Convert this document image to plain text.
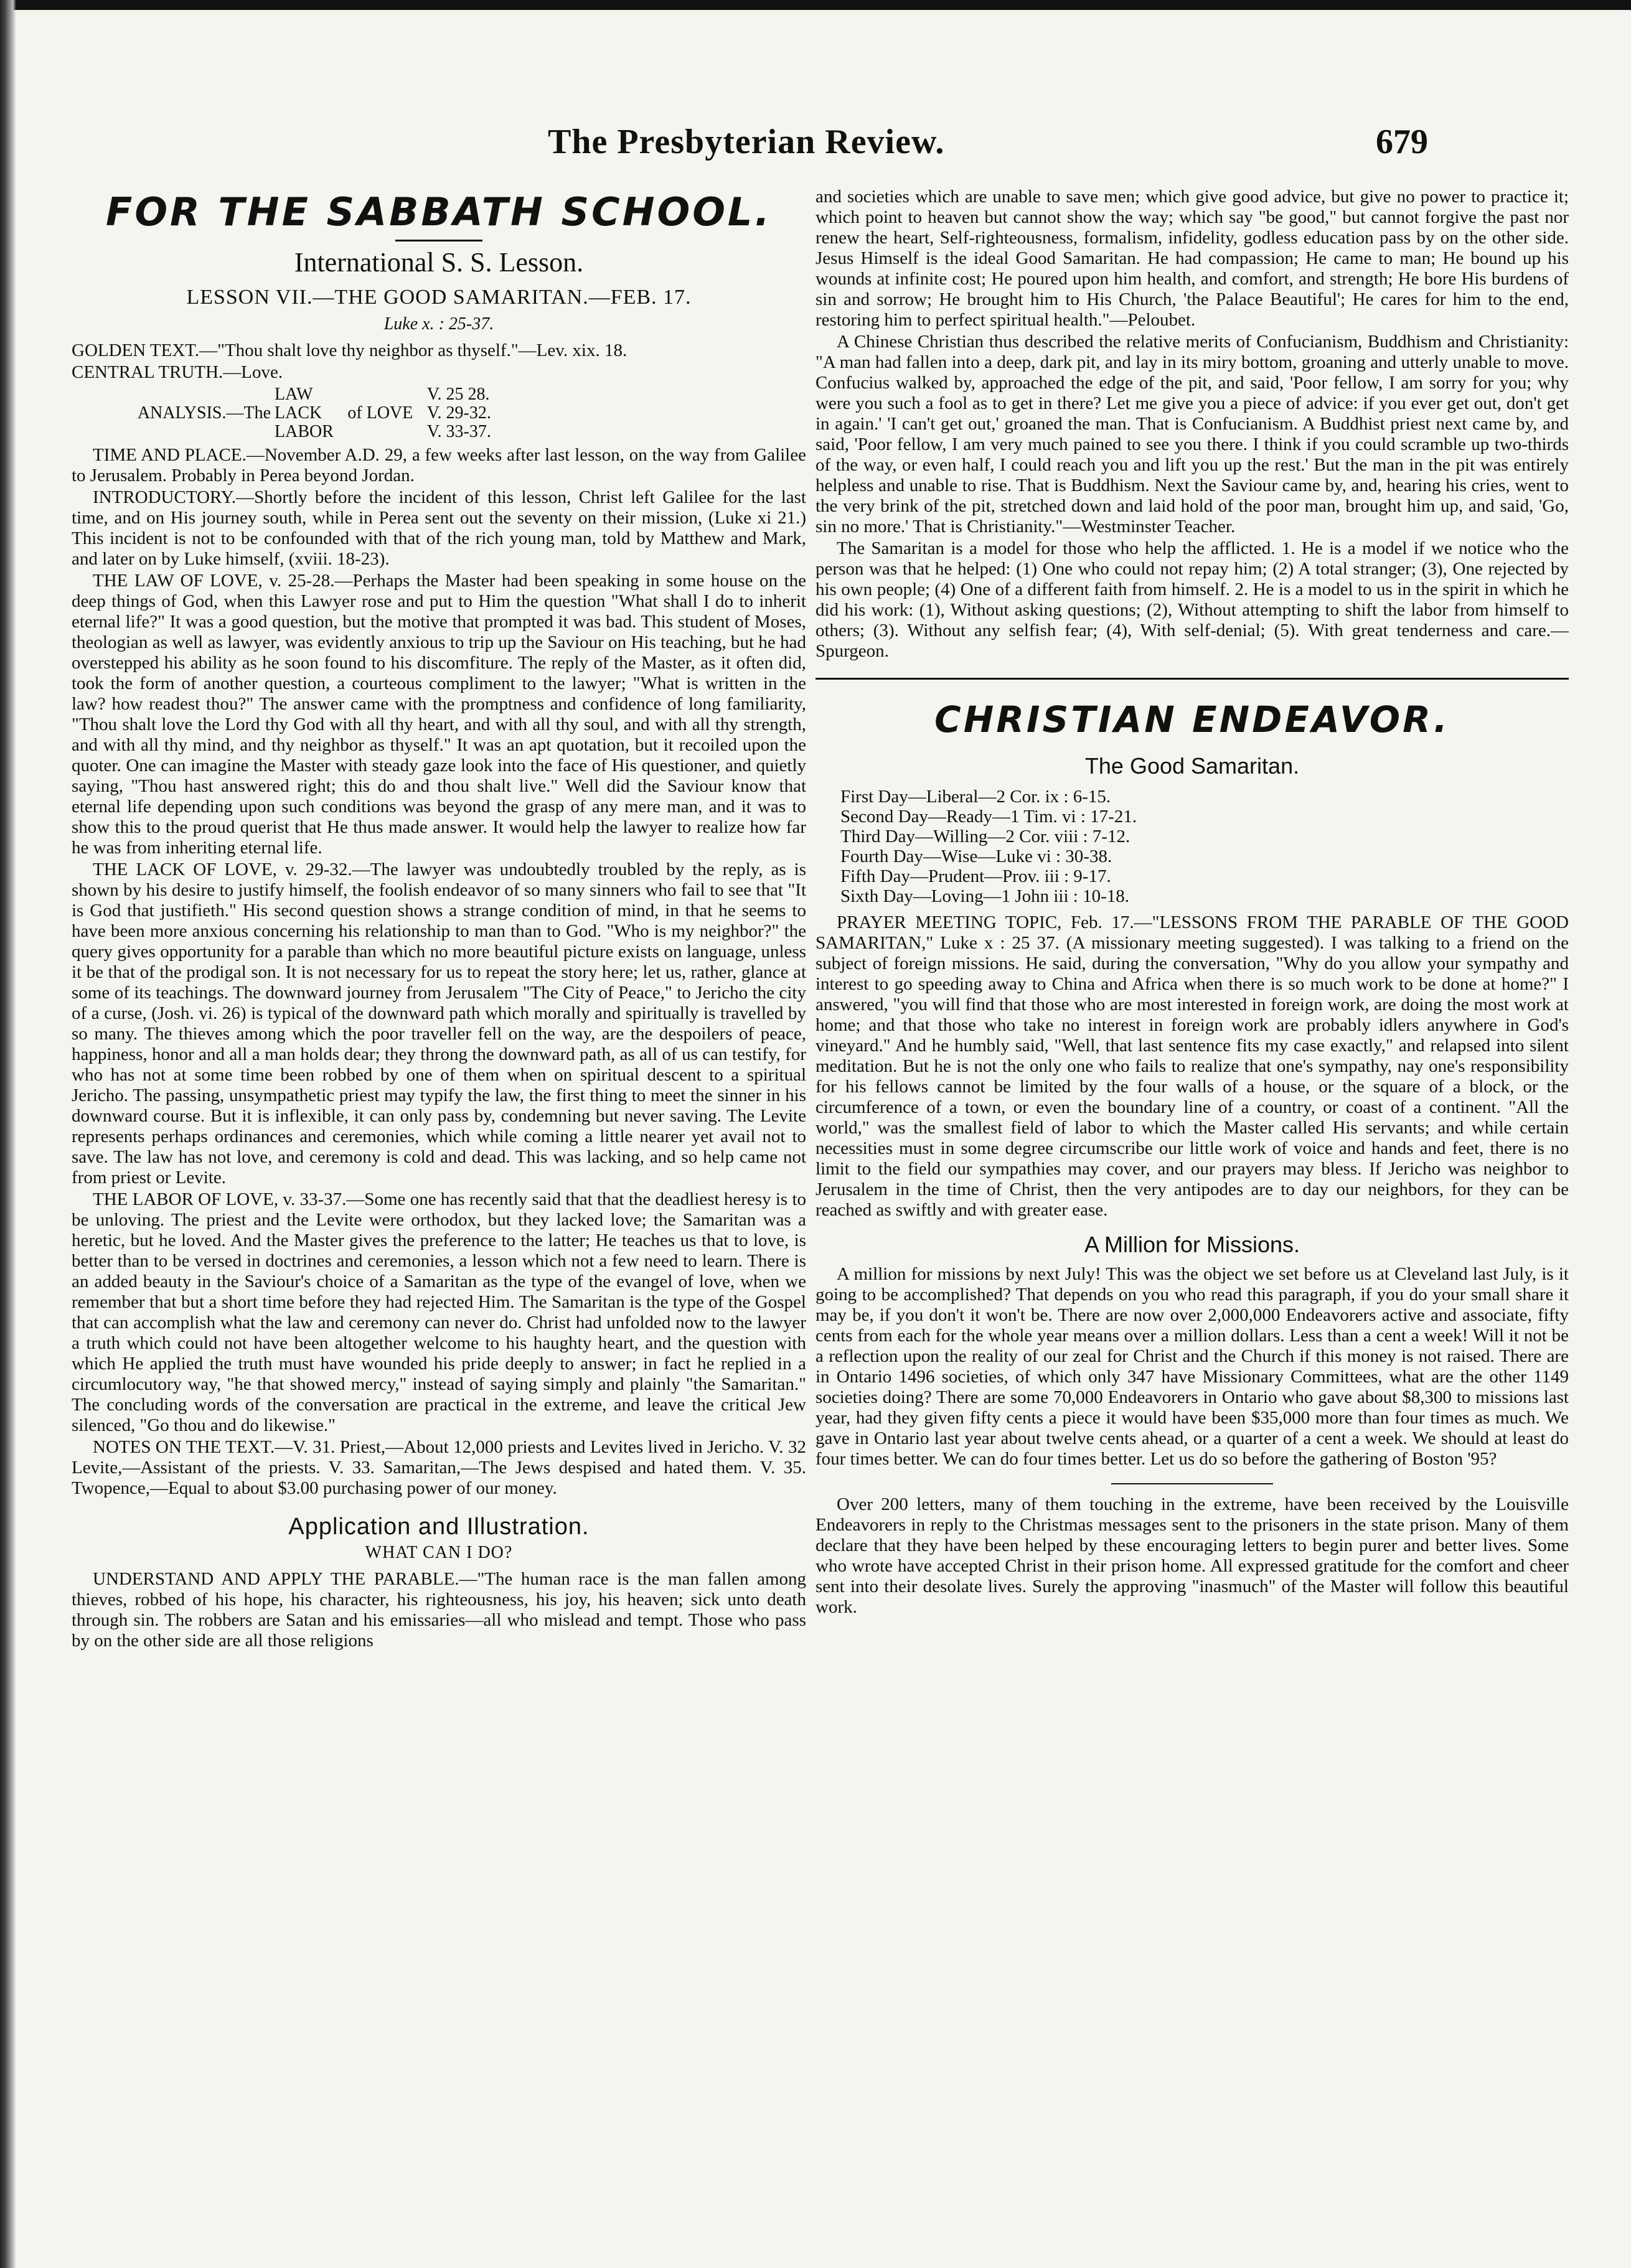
The Presbyterian Review.	679
FOR THE SABBATH SCHOOL.
International S. S. Lesson.
LESSON VII.—THE GOOD SAMARITAN.—FEB. 17.
Luke x. : 25-37.

GOLDEN TEXT.—"Thou shalt love thy neighbor as thyself."—Lev. xix. 18.

CENTRAL TRUTH.—Love.

ANALYSIS.—The
LAW
LACK
LABOR
of LOVE
V. 25 28.
V. 29-32.
V. 33-37.

TIME AND PLACE.—November A.D. 29, a few weeks after last lesson, on the way from Galilee to Jerusalem. Probably in Perea beyond Jordan.

INTRODUCTORY.—Shortly before the incident of this lesson, Christ left Galilee for the last time, and on His journey south, while in Perea sent out the seventy on their mission, (Luke xi 21.) This incident is not to be confounded with that of the rich young man, told by Matthew and Mark, and later on by Luke himself, (xviii. 18-23).

THE LAW OF LOVE, v. 25-28.—Perhaps the Master had been speaking in some house on the deep things of God, when this Lawyer rose and put to Him the question "What shall I do to inherit eternal life?" It was a good question, but the motive that prompted it was bad. This student of Moses, theologian as well as lawyer, was evidently anxious to trip up the Saviour on His teaching, but he had overstepped his ability as he soon found to his discomfiture. The reply of the Master, as it often did, took the form of another question, a courteous compliment to the lawyer; "What is written in the law? how readest thou?" The answer came with the promptness and confidence of long familiarity, "Thou shalt love the Lord thy God with all thy heart, and with all thy soul, and with all thy strength, and with all thy mind, and thy neighbor as thyself." It was an apt quotation, but it recoiled upon the quoter. One can imagine the Master with steady gaze look into the face of His questioner, and quietly saying, "Thou hast answered right; this do and thou shalt live." Well did the Saviour know that eternal life depending upon such conditions was beyond the grasp of any mere man, and it was to show this to the proud querist that He thus made answer. It would help the lawyer to realize how far he was from inheriting eternal life.

THE LACK OF LOVE, v. 29-32.—The lawyer was undoubtedly troubled by the reply, as is shown by his desire to justify himself, the foolish endeavor of so many sinners who fail to see that "It is God that justifieth." His second question shows a strange condition of mind, in that he seems to have been more anxious concerning his relationship to man than to God. "Who is my neighbor?" the query gives opportunity for a parable than which no more beautiful picture exists on language, unless it be that of the prodigal son. It is not necessary for us to repeat the story here; let us, rather, glance at some of its teachings. The downward journey from Jerusalem "The City of Peace," to Jericho the city of a curse, (Josh. vi. 26) is typical of the downward path which morally and spiritually is travelled by so many. The thieves among which the poor traveller fell on the way, are the despoilers of peace, happiness, honor and all a man holds dear; they throng the downward path, as all of us can testify, for who has not at some time been robbed by one of them when on spiritual descent to a spiritual Jericho. The passing, unsympathetic priest may typify the law, the first thing to meet the sinner in his downward course. But it is inflexible, it can only pass by, condemning but never saving. The Levite represents perhaps ordinances and ceremonies, which while coming a little nearer yet avail not to save. The law has not love, and ceremony is cold and dead. This was lacking, and so help came not from priest or Levite.

THE LABOR OF LOVE, v. 33-37.—Some one has recently said that that the deadliest heresy is to be unloving. The priest and the Levite were orthodox, but they lacked love; the Samaritan was a heretic, but he loved. And the Master gives the preference to the latter; He teaches us that to love, is better than to be versed in doctrines and ceremonies, a lesson which not a few need to learn. There is an added beauty in the Saviour's choice of a Samaritan as the type of the evangel of love, when we remember that but a short time before they had rejected Him. The Samaritan is the type of the Gospel that can accomplish what the law and ceremony can never do. Christ had unfolded now to the lawyer a truth which could not have been altogether welcome to his haughty heart, and the question with which He applied the truth must have wounded his pride deeply to answer; in fact he replied in a circumlocutory way, "he that showed mercy," instead of saying simply and plainly "the Samaritan." The concluding words of the conversation are practical in the extreme, and leave the critical Jew silenced, "Go thou and do likewise."

NOTES ON THE TEXT.—V. 31. Priest,—About 12,000 priests and Levites lived in Jericho. V. 32 Levite,—Assistant of the priests. V. 33. Samaritan,—The Jews despised and hated them. V. 35. Twopence,—Equal to about $3.00 purchasing power of our money.

Application and Illustration.
WHAT CAN I DO?

UNDERSTAND AND APPLY THE PARABLE.—"The human race is the man fallen among thieves, robbed of his hope, his character, his righteousness, his joy, his heaven; sick unto death through sin. The robbers are Satan and his emissaries—all who mislead and tempt. Those who pass by on the other side are all those religions

and societies which are unable to save men; which give good advice, but give no power to practice it; which point to heaven but cannot show the way; which say "be good," but cannot forgive the past nor renew the heart, Self-righteousness, formalism, infidelity, godless education pass by on the other side. Jesus Himself is the ideal Good Samaritan. He had compassion; He came to man; He bound up his wounds at infinite cost; He poured upon him health, and comfort, and strength; He bore His burdens of sin and sorrow; He brought him to His Church, 'the Palace Beautiful'; He cares for him to the end, restoring him to perfect spiritual health."—Peloubet.

A Chinese Christian thus described the relative merits of Confucianism, Buddhism and Christianity: "A man had fallen into a deep, dark pit, and lay in its miry bottom, groaning and utterly unable to move. Confucius walked by, approached the edge of the pit, and said, 'Poor fellow, I am sorry for you; why were you such a fool as to get in there? Let me give you a piece of advice: if you ever get out, don't get in again.' 'I can't get out,' groaned the man. That is Confucianism. A Buddhist priest next came by, and said, 'Poor fellow, I am very much pained to see you there. I think if you could scramble up two-thirds of the way, or even half, I could reach you and lift you up the rest.' But the man in the pit was entirely helpless and unable to rise. That is Buddhism. Next the Saviour came by, and, hearing his cries, went to the very brink of the pit, stretched down and laid hold of the poor man, brought him up, and said, 'Go, sin no more.' That is Christianity."—Westminster Teacher.

The Samaritan is a model for those who help the afflicted. 1. He is a model if we notice who the person was that he helped: (1) One who could not repay him; (2) A total stranger; (3), One rejected by his own people; (4) One of a different faith from himself. 2. He is a model to us in the spirit in which he did his work: (1), Without asking questions; (2), Without attempting to shift the labor from himself to others; (3). Without any selfish fear; (4), With self-denial; (5). With great tenderness and care.—Spurgeon.

CHRISTIAN ENDEAVOR.
The Good Samaritan.
First Day—Liberal—2 Cor. ix : 6-15.
Second Day—Ready—1 Tim. vi : 17-21.
Third Day—Willing—2 Cor. viii : 7-12.
Fourth Day—Wise—Luke vi : 30-38.
Fifth Day—Prudent—Prov. iii : 9-17.
Sixth Day—Loving—1 John iii : 10-18.

PRAYER MEETING TOPIC, Feb. 17.—"LESSONS FROM THE PARABLE OF THE GOOD SAMARITAN," Luke x : 25 37. (A missionary meeting suggested). I was talking to a friend on the subject of foreign missions. He said, during the conversation, "Why do you allow your sympathy and interest to go speeding away to China and Africa when there is so much work to be done at home?" I answered, "you will find that those who are most interested in foreign work, are doing the most work at home; and that those who take no interest in foreign work are probably idlers anywhere in God's vineyard." And he humbly said, "Well, that last sentence fits my case exactly," and relapsed into silent meditation. But he is not the only one who fails to realize that one's sympathy, nay one's responsibility for his fellows cannot be limited by the four walls of a house, or the square of a block, or the circumference of a town, or even the boundary line of a country, or coast of a continent. "All the world," was the smallest field of labor to which the Master called His servants; and while certain necessities must in some degree circumscribe our little work of voice and hands and feet, there is no limit to the field our sympathies may cover, and our prayers may bless. If Jericho was neighbor to Jerusalem in the time of Christ, then the very antipodes are to day our neighbors, for they can be reached as swiftly and with greater ease.

A Million for Missions.

A million for missions by next July! This was the object we set before us at Cleveland last July, is it going to be accomplished? That depends on you who read this paragraph, if you do your small share it may be, if you don't it won't be. There are now over 2,000,000 Endeavorers active and associate, fifty cents from each for the whole year means over a million dollars. Less than a cent a week! Will it not be a reflection upon the reality of our zeal for Christ and the Church if this money is not raised. There are in Ontario 1496 societies, of which only 347 have Missionary Committees, what are the other 1149 societies doing? There are some 70,000 Endeavorers in Ontario who gave about $8,300 to missions last year, had they given fifty cents a piece it would have been $35,000 more than four times as much. We gave in Ontario last year about twelve cents ahead, or a quarter of a cent a week. We should at least do four times better. We can do four times better. Let us do so before the gathering of Boston '95?

Over 200 letters, many of them touching in the extreme, have been received by the Louisville Endeavorers in reply to the Christmas messages sent to the prisoners in the state prison. Many of them declare that they have been helped by these encouraging letters to begin purer and better lives. Some who wrote have accepted Christ in their prison home. All expressed gratitude for the comfort and cheer sent into their desolate lives. Surely the approving "inasmuch" of the Master will follow this beautiful work.
